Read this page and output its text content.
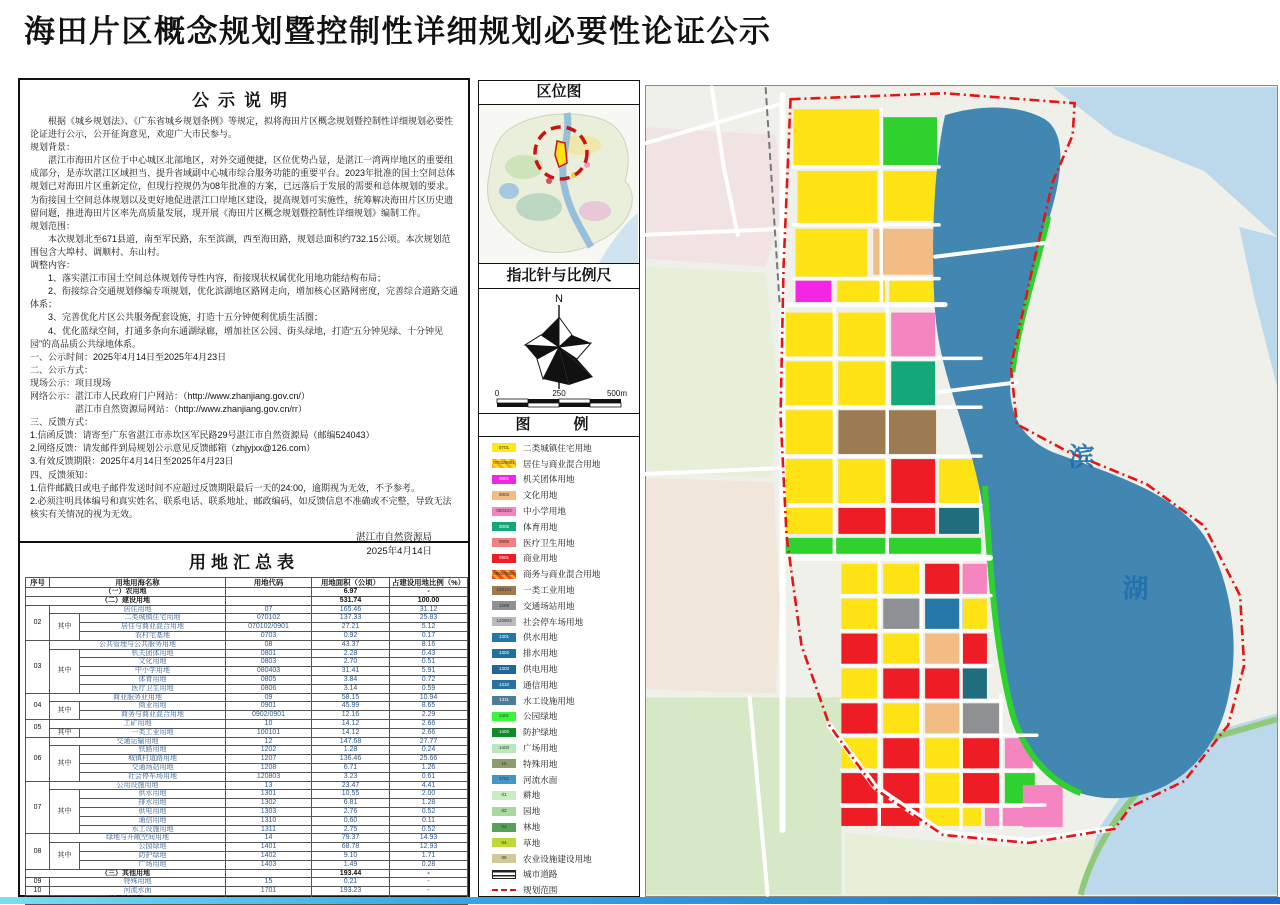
海田片区概念规划暨控制性详细规划必要性论证公示
公示说明

　　根据《城乡规划法》、《广东省城乡规划条例》等规定，拟将海田片区概念规划暨控制性详细规划必要性论证进行公示，公开征询意见，欢迎广大市民参与。

规划背景：

　　湛江市海田片区位于中心城区北部地区，对外交通便捷，区位优势凸显，是湛江一湾两岸地区的重要组成部分，是赤坎湛江区域担当、提升省域副中心城市综合服务功能的重要平台。2023年批准的国土空间总体规划已对海田片区重新定位，但现行控规仍为08年批准的方案，已远落后于发展的需要和总体规划的要求。为衔接国土空间总体规划以及更好地促进湛江口岸地区建设，提高规划可实施性，统筹解决海田片区历史遗留问题，推进海田片区率先高质量发展，现开展《海田片区概念规划暨控制性详细规划》编制工作。

规划范围：

　　本次规划北至671县道，南至军民路，东至滨湖，西至海田路，规划总面积约732.15公顷。本次规划范围包含大埠村、调顺村、东山村。

调整内容：

　　1、落实湛江市国土空间总体规划传导性内容，衔接现状权属优化用地功能结构布局；

　　2、衔接综合交通规划修编专项规划，优化滨湖地区路网走向，增加核心区路网密度，完善综合道路交通体系；

　　3、完善优化片区公共服务配套设施，打造十五分钟便利优质生活圈；

　　4、优化蓝绿空间，打通多条向东通湖绿廊，增加社区公园、街头绿地，打造“五分钟见绿、十分钟见园”的高品质公共绿地体系。

一、公示时间：2025年4月14日至2025年4月23日

二、公示方式：

现场公示：项目现场

网络公示：湛江市人民政府门户网站：（http://www.zhanjiang.gov.cn/）

　　　　　湛江市自然资源局网站：（http://www.zhanjiang.gov.cn/rr）

三、反馈方式：

1.信函反馈：请寄至广东省湛江市赤坎区军民路29号湛江市自然资源局（邮编524043）

2.网络反馈：请发邮件到局规划公示意见反馈邮箱（zhjyjxx@126.com）

3.有效反馈期限：2025年4月14日至2025年4月23日

四、反馈须知：

1.信件邮戳日或电子邮件发送时间不应超过反馈期限最后一天的24:00，逾期视为无效，不予参考。

2.必须注明具体编号和真实姓名、联系电话、联系地址、邮政编码，如反馈信息不准确或不完整，导致无法核实有关情况的视为无效。

湛江市自然资源局
2025年4月14日
用地汇总表
序号	用地用海名称		用地代码	用地面积（公顷）	占建设用地比例（%）
（一）农用地				6.97	-
（二）建设用地				531.74	100.00
02	居住用地		07	165.46	31.12
	其中	二类城镇住宅用地	070102	137.33	25.83
		居住与商业混合用地	070102/0901	27.21	5.12
		农村宅基地	0703	0.92	0.17
03	公共管理与公共服务用地		08	43.37	8.16
	其中	机关团体用地	0801	2.28	0.43
		文化用地	0803	2.70	0.51
		中小学用地	080403	31.41	5.91
		体育用地	0805	3.84	0.72
		医疗卫生用地	0806	3.14	0.59
04	商业服务业用地		09	58.15	10.94
	其中	商业用地	0901	45.99	8.65
		商务与商业混合用地	0902/0901	12.16	2.29
05	工矿用地		10	14.12	2.66
	其中	一类工业用地	100101	14.12	2.66
06	交通运输用地		12	147.68	27.77
	其中	铁路用地	1202	1.28	0.24
		城镇村道路用地	1207	136.46	25.66
		交通场站用地	1208	6.71	1.26
		社会停车场用地	120803	3.23	0.61
07	公用设施用地		13	23.47	4.41
	其中	供水用地	1301	10.55	2.00
		排水用地	1302	6.81	1.28
		供电用地	1303	2.76	0.52
		通信用地	1310	0.60	0.11
		水工设施用地	1311	2.75	0.52
08	绿地与开敞空间用地		14	79.37	14.93
	其中	公园绿地	1401	68.78	12.93
		防护绿地	1402	9.10	1.71
		广场用地	1403	1.49	0.28
（三）其他用地				193.44	-
09	特殊用地		15	0.21	-
10	河流水面		1701	193.23	-

区位图
指北针与比例尺
N
0	250	500m
图　例
0701 二类城镇住宅用地
0701/0901 居住与商业混合用地
0801 机关团体用地
0803 文化用地
080403 中小学用地
0805 体育用地
0806 医疗卫生用地
0901 商业用地
0902/0901 商务与商业混合用地
100101 一类工业用地
1208 交通场站用地
120803 社会停车场用地
1301 供水用地
1302 排水用地
1303 供电用地
1310 通信用地
1311 水工设施用地
1401 公园绿地
1402 防护绿地
1403 广场用地
15 特殊用地
1701 河流水面
01 耕地
02 园地
03 林地
04 草地
06 农业设施建设用地
城市道路
规划范围
滨
湖
